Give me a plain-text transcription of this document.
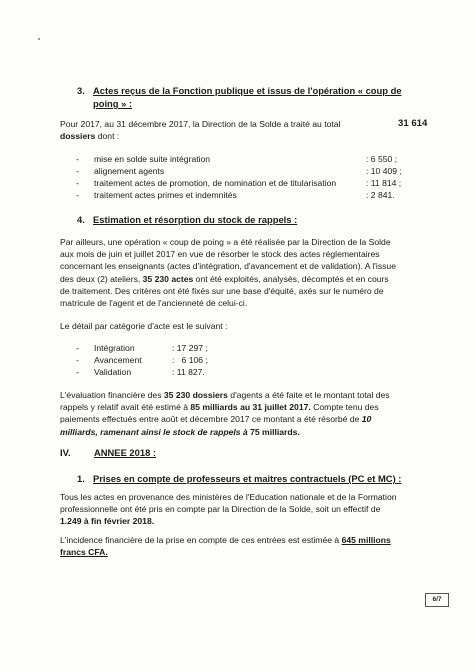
3. Actes reçus de la Fonction publique et issus de l'opération « coup de
poing » :
Pour 2017, au 31 décembre 2017, la Direction de la Solde a traité au total	31 614
dossiers dont :
- mise en solde suite intégration	: 6 550 ;
- alignement agents	: 10 409 ;
- traitement actes de promotion, de nomination et de titularisation	: 11 814 ;
- traitement actes primes et indemnités	: 2 841.
4. Estimation et résorption du stock de rappels :
Par ailleurs, une opération « coup de poing » a été réalisée par la Direction de la Solde
aux mois de juin et juillet 2017 en vue de résorber le stock des actes réglementaires
concernant les enseignants (actes d'intégration, d'avancement et de validation). A l'issue
des deux (2) ateliers, 35 230 actes ont été exploités, analysés, décomptés et en cours
de traitement. Des critères ont été fixés sur une base d'équité, axés sur le numéro de
matricule de l'agent et de l'ancienneté de celui-ci.
Le détail par catégorie d'acte est le suivant :
- Intégration	: 17 297 ;
- Avancement	:   6 106 ;
- Validation	: 11 827.
L'évaluation financière des 35 230 dossiers d'agents a été faite et le montant total des
rappels y relatif avait été estimé à 85 milliards au 31 juillet 2017. Compte tenu des
paiements effectués entre août et décembre 2017 ce montant a été résorbé de 10
milliards, ramenant ainsi le stock de rappels à 75 milliards.
IV. ANNEE 2018 :
1. Prises en compte de professeurs et maitres contractuels (PC et MC) :
Tous les actes en provenance des ministères de l'Education nationale et de la Formation
professionnelle ont été pris en compte par la Direction de la Solde, soit un effectif de
1.249 à fin février 2018.
L'incidence financière de la prise en compte de ces entrées est estimée à 645 millions
francs CFA.
6/7
